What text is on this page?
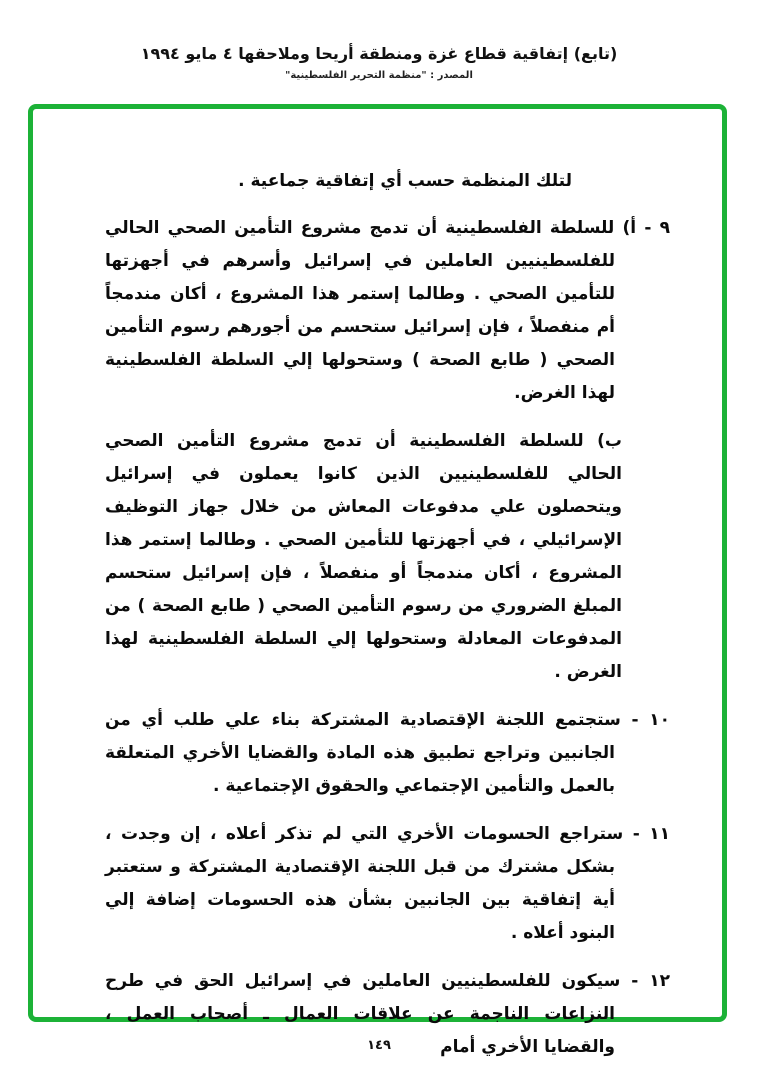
(تابع) إتفاقية قطاع غزة ومنطقة أريحا وملاحقها ٤ مايو ١٩٩٤
المصدر : "منظمة التحرير الفلسطينية"

لتلك المنظمة حسب أي إتفاقية جماعية .

٩ - أ) للسلطة الفلسطينية أن تدمج مشروع التأمين الصحي الحالي للفلسطينيين العاملين في إسرائيل وأسرهم في أجهزتها للتأمين الصحي . وطالما إستمر هذا المشروع ، أكان مندمجاً أم منفصلاً ، فإن إسرائيل ستحسم من أجورهم رسوم التأمين الصحي ( طابع الصحة ) وستحولها إلي السلطة الفلسطينية لهذا الغرض.

ب) للسلطة الفلسطينية أن تدمج مشروع التأمين الصحي الحالي للفلسطينيين الذين كانوا يعملون في إسرائيل ويتحصلون علي مدفوعات المعاش من خلال جهاز التوظيف الإسرائيلي ، في أجهزتها للتأمين الصحي . وطالما إستمر هذا المشروع ، أكان مندمجاً أو منفصلاً ، فإن إسرائيل ستحسم المبلغ الضروري من رسوم التأمين الصحي ( طابع الصحة ) من المدفوعات المعادلة وستحولها إلي السلطة الفلسطينية لهذا الغرض .

١٠ - ستجتمع اللجنة الإقتصادية المشتركة بناء علي طلب أي من الجانبين وتراجع تطبيق هذه المادة والقضايا الأخري المتعلقة بالعمل والتأمين الإجتماعي والحقوق الإجتماعية .

١١ - ستراجع الحسومات الأخري التي لم تذكر أعلاه ، إن وجدت ، بشكل مشترك من قبل اللجنة الإقتصادية المشتركة و ستعتبر أية إتفاقية بين الجانبين بشأن هذه الحسومات إضافة إلي البنود أعلاه .

١٢ - سيكون للفلسطينيين العاملين في إسرائيل الحق في طرح النزاعات الناجمة عن علاقات العمال ـ أصحاب العمل ، والقضايا الأخري أمام

١٤٩
